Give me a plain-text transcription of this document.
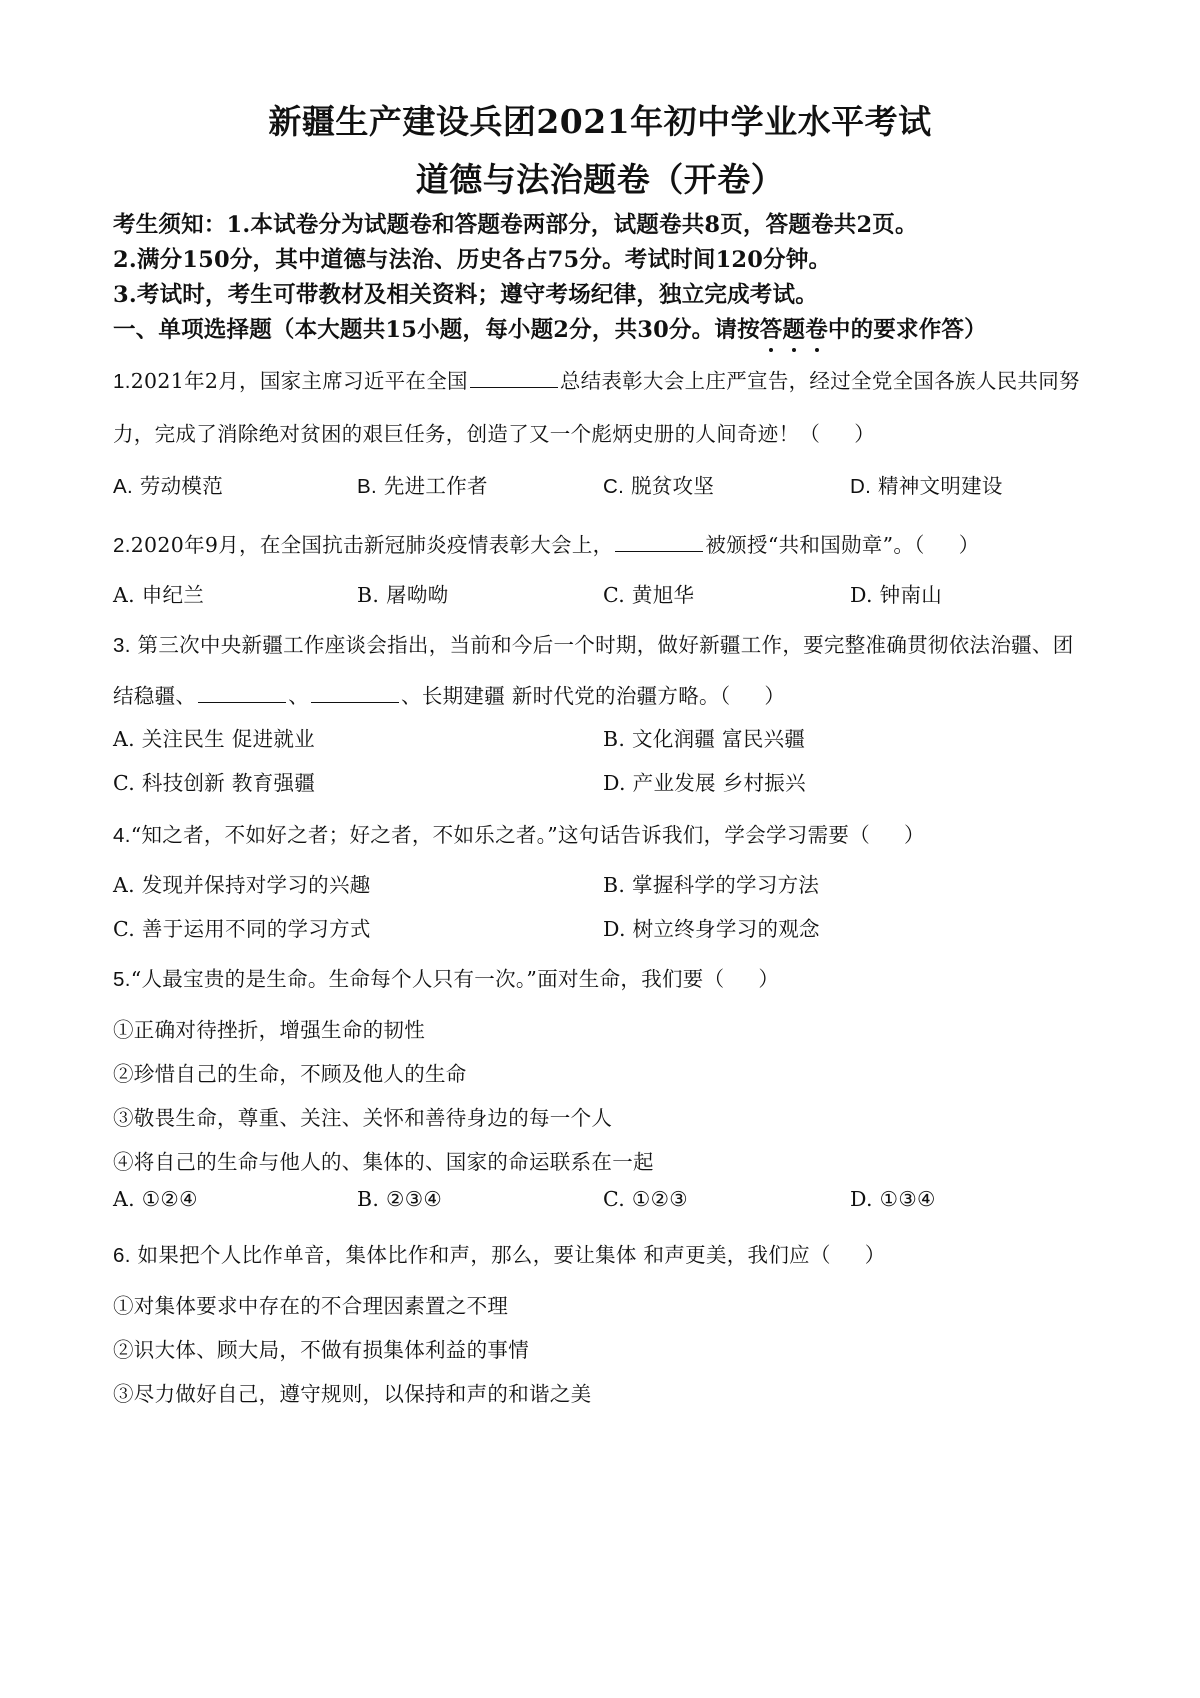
新疆生产建设兵团2021年初中学业水平考试
道德与法治题卷（开卷）
考生须知：1.本试卷分为试题卷和答题卷两部分，试题卷共8页，答题卷共2页。
2.满分150分，其中道德与法治、历史各占75分。考试时间120分钟。
3.考试时，考生可带教材及相关资料；遵守考场纪律，独立完成考试。
一、单项选择题（本大题共15小题，每小题2分，共30分。请按答题卷中的要求作答）
1.2021年2月，国家主席习近平在全国	总结表彰大会上庄严宣告，经过全党全国各族人民共同努
力，完成了消除绝对贫困的艰巨任务，创造了又一个彪炳史册的人间奇迹！（ ）
A. 劳动模范	B. 先进工作者	C. 脱贫攻坚	D. 精神文明建设
2.2020年9月，在全国抗击新冠肺炎疫情表彰大会上，	被颁授“共和国勋章”。（ ）
A. 申纪兰	B. 屠呦呦	C. 黄旭华	D. 钟南山
3. 第三次中央新疆工作座谈会指出，当前和今后一个时期，做好新疆工作，要完整准确贯彻依法治疆、团
结稳疆、	、	、长期建疆 新时代党的治疆方略。（ ）
A. 关注民生 促进就业	B. 文化润疆 富民兴疆
C. 科技创新 教育强疆	D. 产业发展 乡村振兴
4.“知之者，不如好之者；好之者，不如乐之者。”这句话告诉我们，学会学习需要（ ）
A. 发现并保持对学习的兴趣	B. 掌握科学的学习方法
C. 善于运用不同的学习方式	D. 树立终身学习的观念
5.“人最宝贵的是生命。生命每个人只有一次。”面对生命，我们要（ ）
①正确对待挫折，增强生命的韧性
②珍惜自己的生命，不顾及他人的生命
③敬畏生命，尊重、关注、关怀和善待身边的每一个人
④将自己的生命与他人的、集体的、国家的命运联系在一起
A. ①②④	B. ②③④	C. ①②③	D. ①③④
6. 如果把个人比作单音，集体比作和声，那么，要让集体 和声更美，我们应（ ）
①对集体要求中存在的不合理因素置之不理
②识大体、顾大局，不做有损集体利益的事情
③尽力做好自己，遵守规则，以保持和声的和谐之美
